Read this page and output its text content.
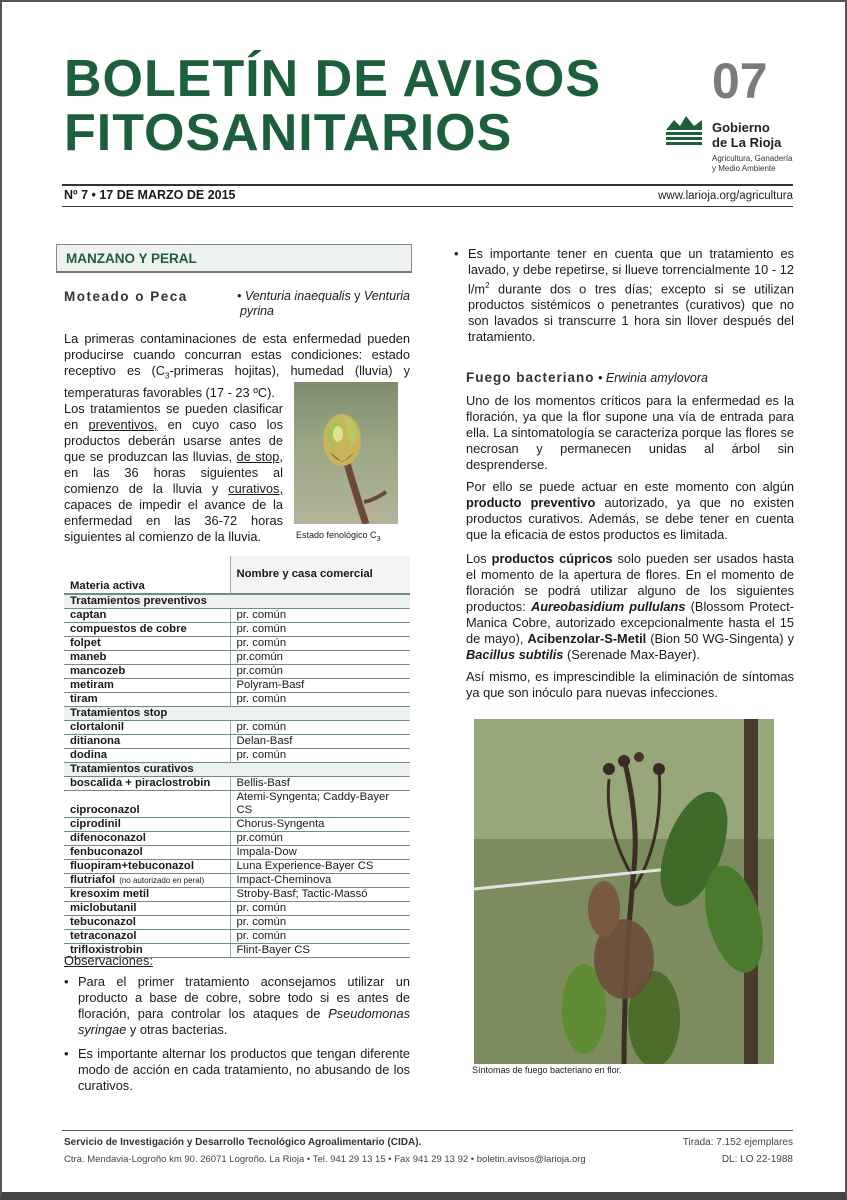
BOLETÍN DE AVISOS
FITOSANITARIOS
07
Gobierno
de La Rioja
Agricultura, Ganadería
y Medio Ambiente
Nº 7 • 17 DE MARZO DE 2015	www.larioja.org/agricultura
MANZANO Y PERAL
Moteado o Peca	• Venturia inaequalis y Venturia
pyrina
La primeras contaminaciones de esta enfermedad pueden producirse cuando concurran estas condiciones: estado receptivo es ($C_3$-primeras hojitas), humedad (lluvia) y temperaturas favorables (17 - 23 ºC).
Los tratamientos se pueden clasificar en preventivos, en cuyo caso los productos deberán usarse antes de que se produzcan las lluvias, de stop, en las 36 horas siguientes al comienzo de la lluvia y curativos, capaces de impedir el avance de la enfermedad en las 36-72 horas siguientes al comienzo de la lluvia.	Estado fenológico $C_3$
Materia activa	Nombre y casa comercial
Tratamientos preventivos	
captan	pr. común
compuestos de cobre	pr. común
folpet	pr. común
maneb	pr.común
mancozeb	pr.común
metiram	Polyram-Basf
tiram	pr. común
Tratamientos stop	
clortalonil	pr. común
ditianona	Delan-Basf
dodina	pr. común
Tratamientos curativos	
boscalida + piraclostrobin	Bellis-Basf
ciproconazol	Atemi-Syngenta; Caddy-Bayer CS
ciprodinil	Chorus-Syngenta
difenoconazol	pr.común
fenbuconazol	Impala-Dow
fluopiram+tebuconazol	Luna Experience-Bayer CS
flutriafol (no autorizado en peral)	Impact-Cheminova
kresoxim metil	Stroby-Basf; Tactic-Massó
miclobutanil	pr. común
tebuconazol	pr. común
tetraconazol	pr. común
trifloxistrobin	Flint-Bayer CS
Observaciones:
• Para el primer tratamiento aconsejamos utilizar un producto a base de cobre, sobre todo si es antes de floración, para controlar los ataques de Pseudomonas syringae y otras bacterias.
• Es importante alternar los productos que tengan diferente modo de acción en cada tratamiento, no abusando de los curativos.
• Es importante tener en cuenta que un tratamiento es lavado, y debe repetirse, si llueve torrencialmente 10 - 12 $l/m^2$ durante dos o tres días; excepto si se utilizan productos sistémicos o penetrantes (curativos) que no son lavados si transcurre 1 hora sin llover después del tratamiento.
Fuego bacteriano • Erwinia amylovora
Uno de los momentos críticos para la enfermedad es la floración, ya que la flor supone una vía de entrada para ella. La sintomatología se caracteriza porque las flores se necrosan y permanecen unidas al árbol sin desprenderse.
Por ello se puede actuar en este momento con algún producto preventivo autorizado, ya que no existen productos curativos. Además, se debe tener en cuenta que la eficacia de estos productos es limitada.
Los productos cúpricos solo pueden ser usados hasta el momento de la apertura de flores. En el momento de floración se podrá utilizar alguno de los siguientes productos: Aureobasidium pullulans (Blossom Protect-Manica Cobre, autorizado excepcionalmente hasta el 15 de mayo), Acibenzolar-S-Metil (Bion 50 WG-Singenta) y Bacillus subtilis (Serenade Max-Bayer).
Así mismo, es imprescindible la eliminación de síntomas ya que son inóculo para nuevas infecciones.
Síntomas de fuego bacteriano en flor.
Servicio de Investigación y Desarrollo Tecnológico Agroalimentario (CIDA).
Ctra. Mendavia-Logroño km 90. 26071 Logroño. La Rioja • Tel. 941 29 13 15 • Fax 941 29 13 92 • boletin.avisos@larioja.org
Tirada: 7.152 ejemplares
DL: LO 22-1988
